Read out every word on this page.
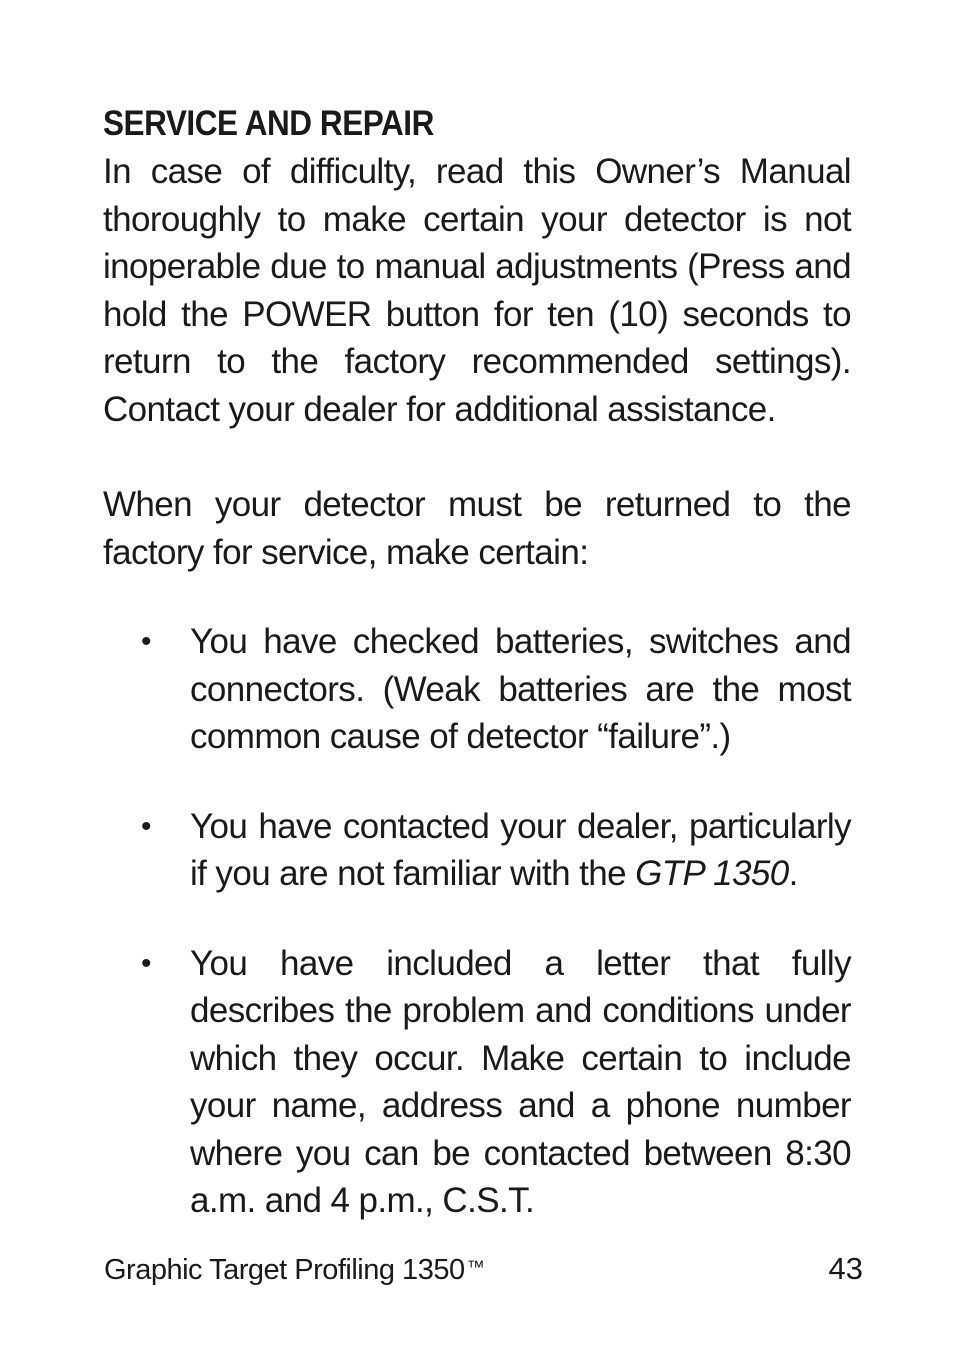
SERVICE AND REPAIR

In case of difficulty, read this Owner’s Manual thoroughly to make certain your detector is not inoperable due to manual adjustments (Press and hold the POWER button for ten (10) seconds to return to the factory recommended settings). Contact your dealer for additional assistance.

When your detector must be returned to the factory for service, make certain:

• You have checked batteries, switches and connectors. (Weak batteries are the most common cause of detector “failure”.)

• You have contacted your dealer, particularly if you are not familiar with the GTP 1350.

• You have included a letter that fully describes the problem and conditions under which they occur. Make certain to include your name, address and a phone number where you can be contacted between 8:30 a.m. and 4 p.m., C.S.T.

Graphic Target Profiling 1350 ™	43
